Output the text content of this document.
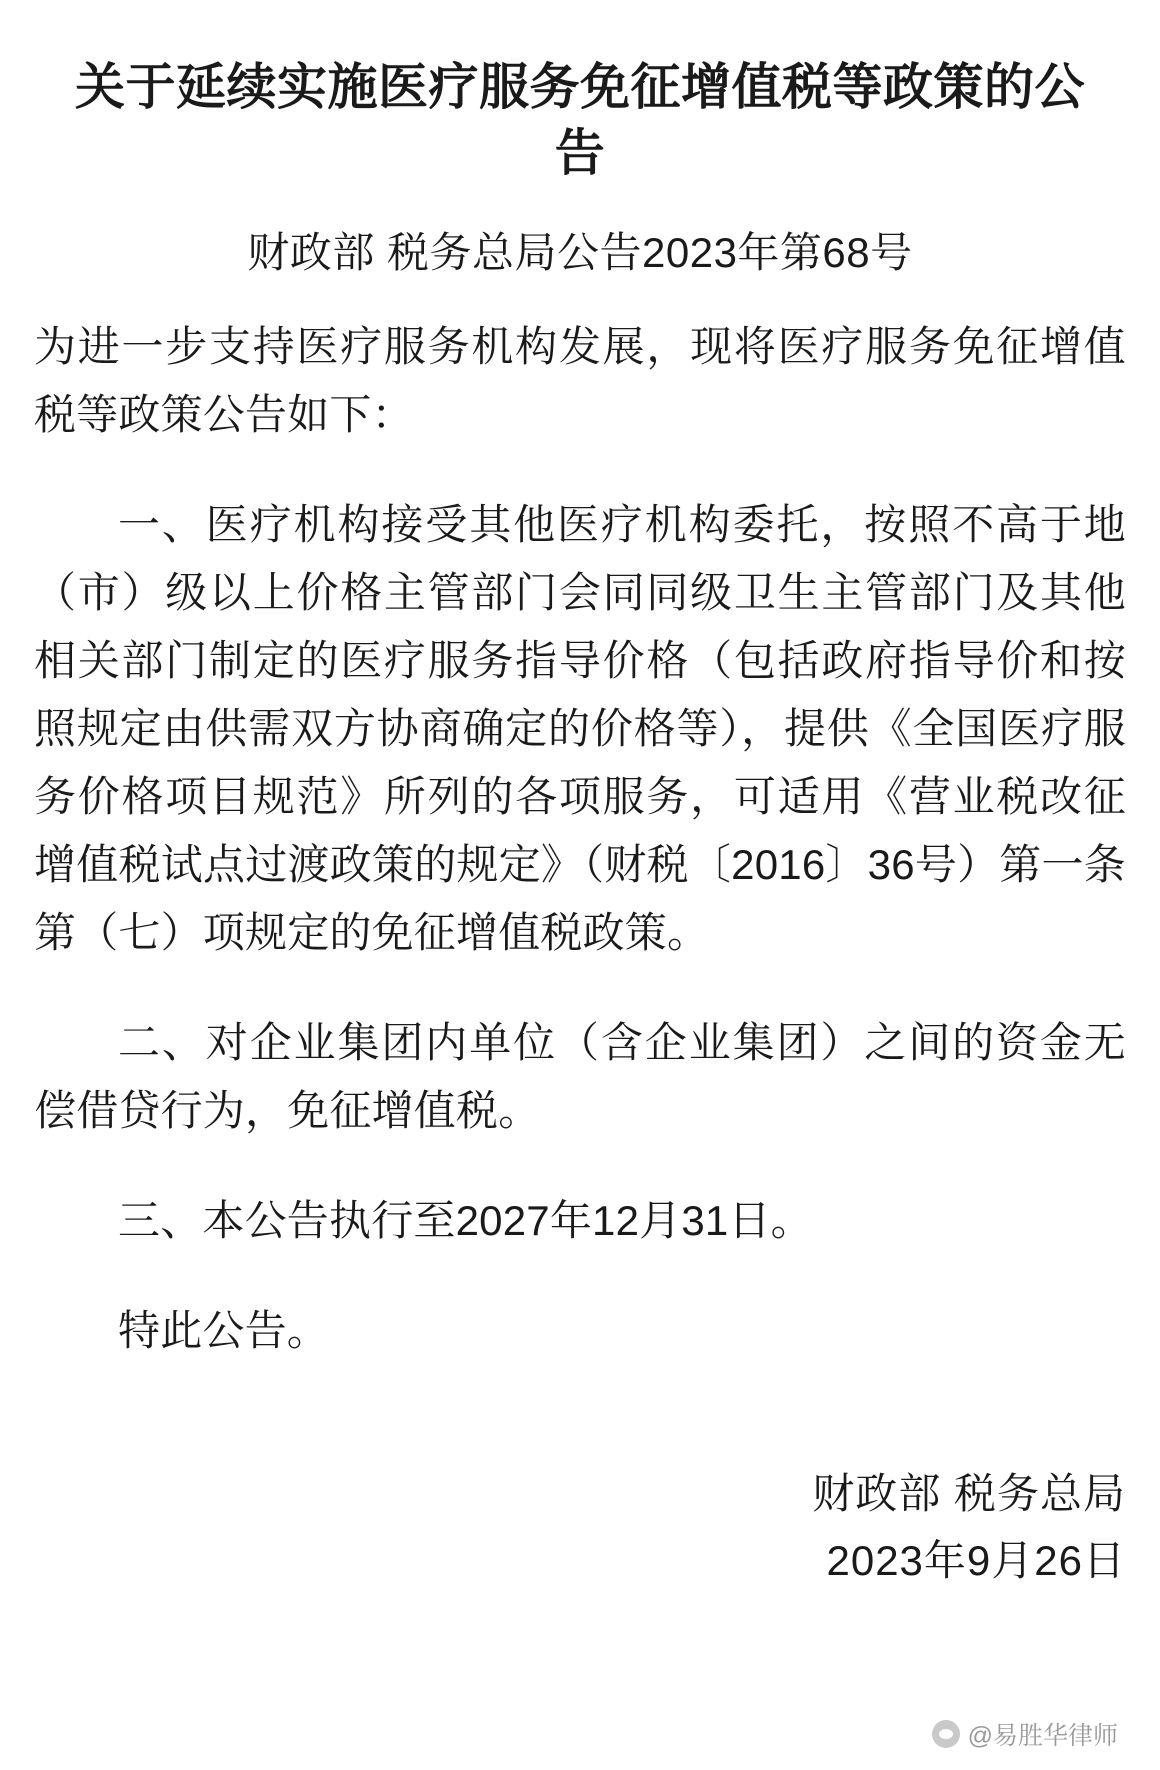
关于延续实施医疗服务免征增值税等政策的公告
财政部 税务总局公告2023年第68号

为进一步支持医疗服务机构发展，现将医疗服务免征增值税等政策公告如下：

一、医疗机构接受其他医疗机构委托，按照不高于地（市）级以上价格主管部门会同同级卫生主管部门及其他相关部门制定的医疗服务指导价格（包括政府指导价和按照规定由供需双方协商确定的价格等），提供《全国医疗服务价格项目规范》所列的各项服务，可适用《营业税改征增值税试点过渡政策的规定》（财税〔2016〕36号）第一条第（七）项规定的免征增值税政策。

二、对企业集团内单位（含企业集团）之间的资金无偿借贷行为，免征增值税。

三、本公告执行至2027年12月31日。

特此公告。

财政部 税务总局
2023年9月26日
@易胜华律师
